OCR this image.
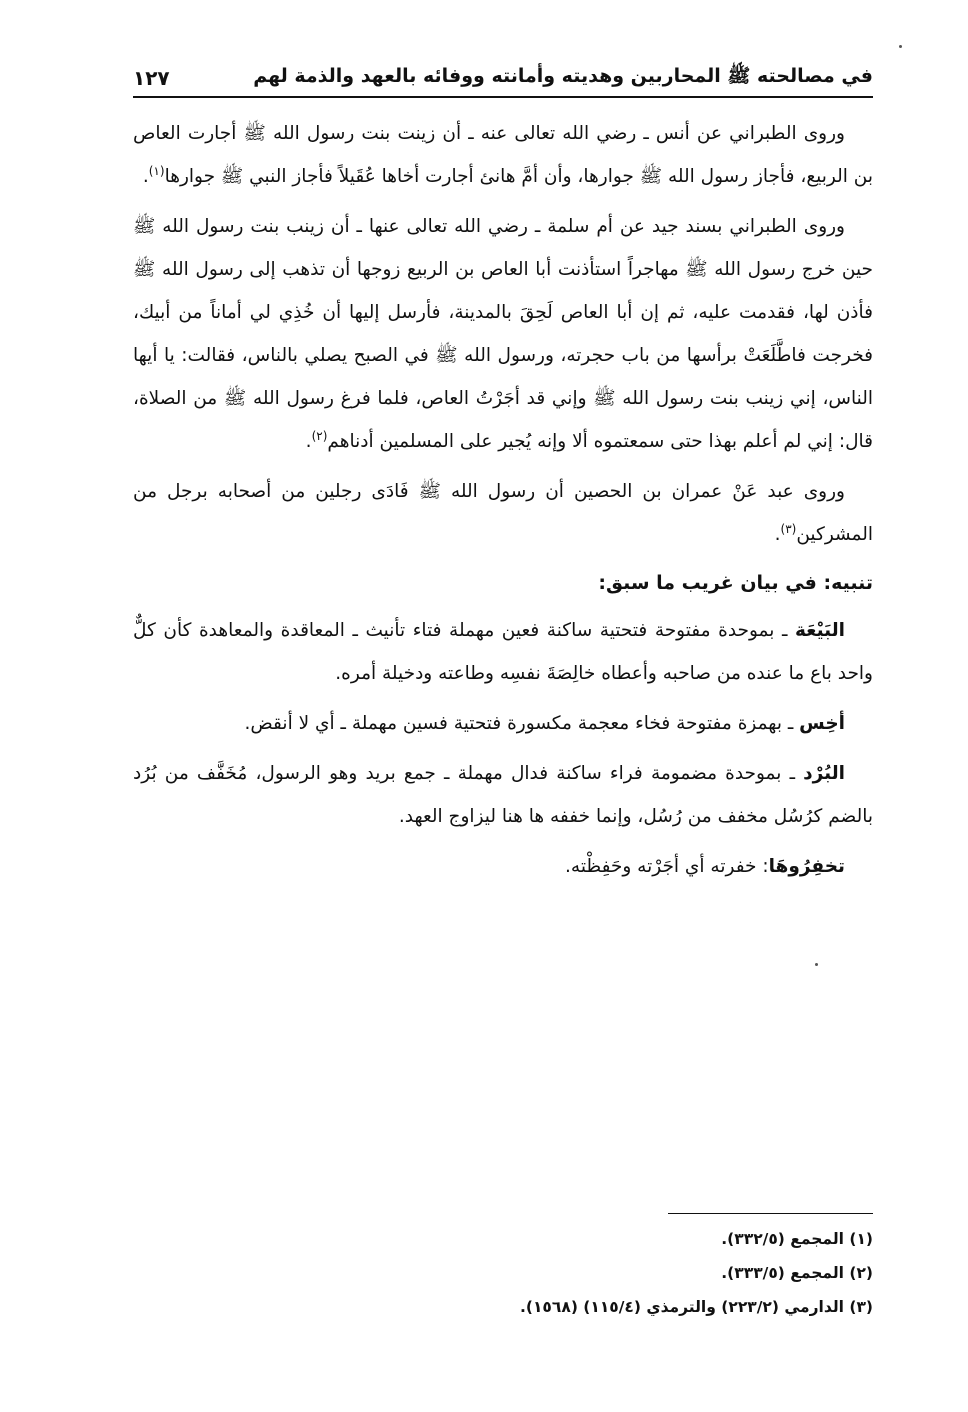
في مصالحته ﷺ المحاربين وهديته وأمانته ووفائه بالعهد والذمة لهم
١٢٧

وروى الطبراني عن أنس ـ رضي الله تعالى عنه ـ أن زينت بنت رسول الله ﷺ أجارت العاص بن الربيع، فأجاز رسول الله ﷺ جوارها، وأن أمَّ هانئ أجارت أخاها عُقَيلاً فأجاز النبي ﷺ جوارها$^{(١)}$.

وروى الطبراني بسند جيد عن أم سلمة ـ رضي الله تعالى عنها ـ أن زينب بنت رسول الله ﷺ حين خرج رسول الله ﷺ مهاجراً استأذنت أبا العاص بن الربيع زوجها أن تذهب إلى رسول الله ﷺ فأذن لها، فقدمت عليه، ثم إن أبا العاص لَحِقَ بالمدينة، فأرسل إليها أن خُذِي لي أماناً من أبيك، فخرجت فاطَّلَعَتْ برأسها من باب حجرته، ورسول الله ﷺ في الصبح يصلي بالناس، فقالت: يا أيها الناس، إني زينب بنت رسول الله ﷺ وإني قد أجَرْتُ العاص، فلما فرغ رسول الله ﷺ من الصلاة، قال: إني لم أعلم بهذا حتى سمعتموه ألا وإنه يُجير على المسلمين أدناهم$^{(٢)}$.

وروى عبد عَنْ عمران بن الحصين أن رسول الله ﷺ فَادَى رجلين من أصحابه برجل من المشركين$^{(٣)}$.

تنبيه: في بيان غريب ما سبق:

البَيْعَة ـ بموحدة مفتوحة فتحتية ساكنة فعين مهملة فتاء تأنيث ـ المعاقدة والمعاهدة كأن كلٌّ واحد باع ما عنده من صاحبه وأعطاه خالِصَةَ نفسِه وطاعته ودخيلة أمره.

أخِس ـ بهمزة مفتوحة فخاء معجمة مكسورة فتحتية فسين مهملة ـ أي لا أنقض.

البُرْد ـ بموحدة مضمومة فراء ساكنة فدال مهملة ـ جمع بريد وهو الرسول، مُخَفَّف من بُرُد بالضم كرُسُل مخفف من رُسُل، وإنما خففه ها هنا ليزاوج العهد.

تخفِرُوهَا: خفرته أي أجَرْته وحَفِظْته.

(١) المجمع (٣٣٢/٥).
(٢) المجمع (٣٣٣/٥).
(٣) الدارمي (٢٢٣/٢) والترمذي (١١٥/٤) (١٥٦٨).
